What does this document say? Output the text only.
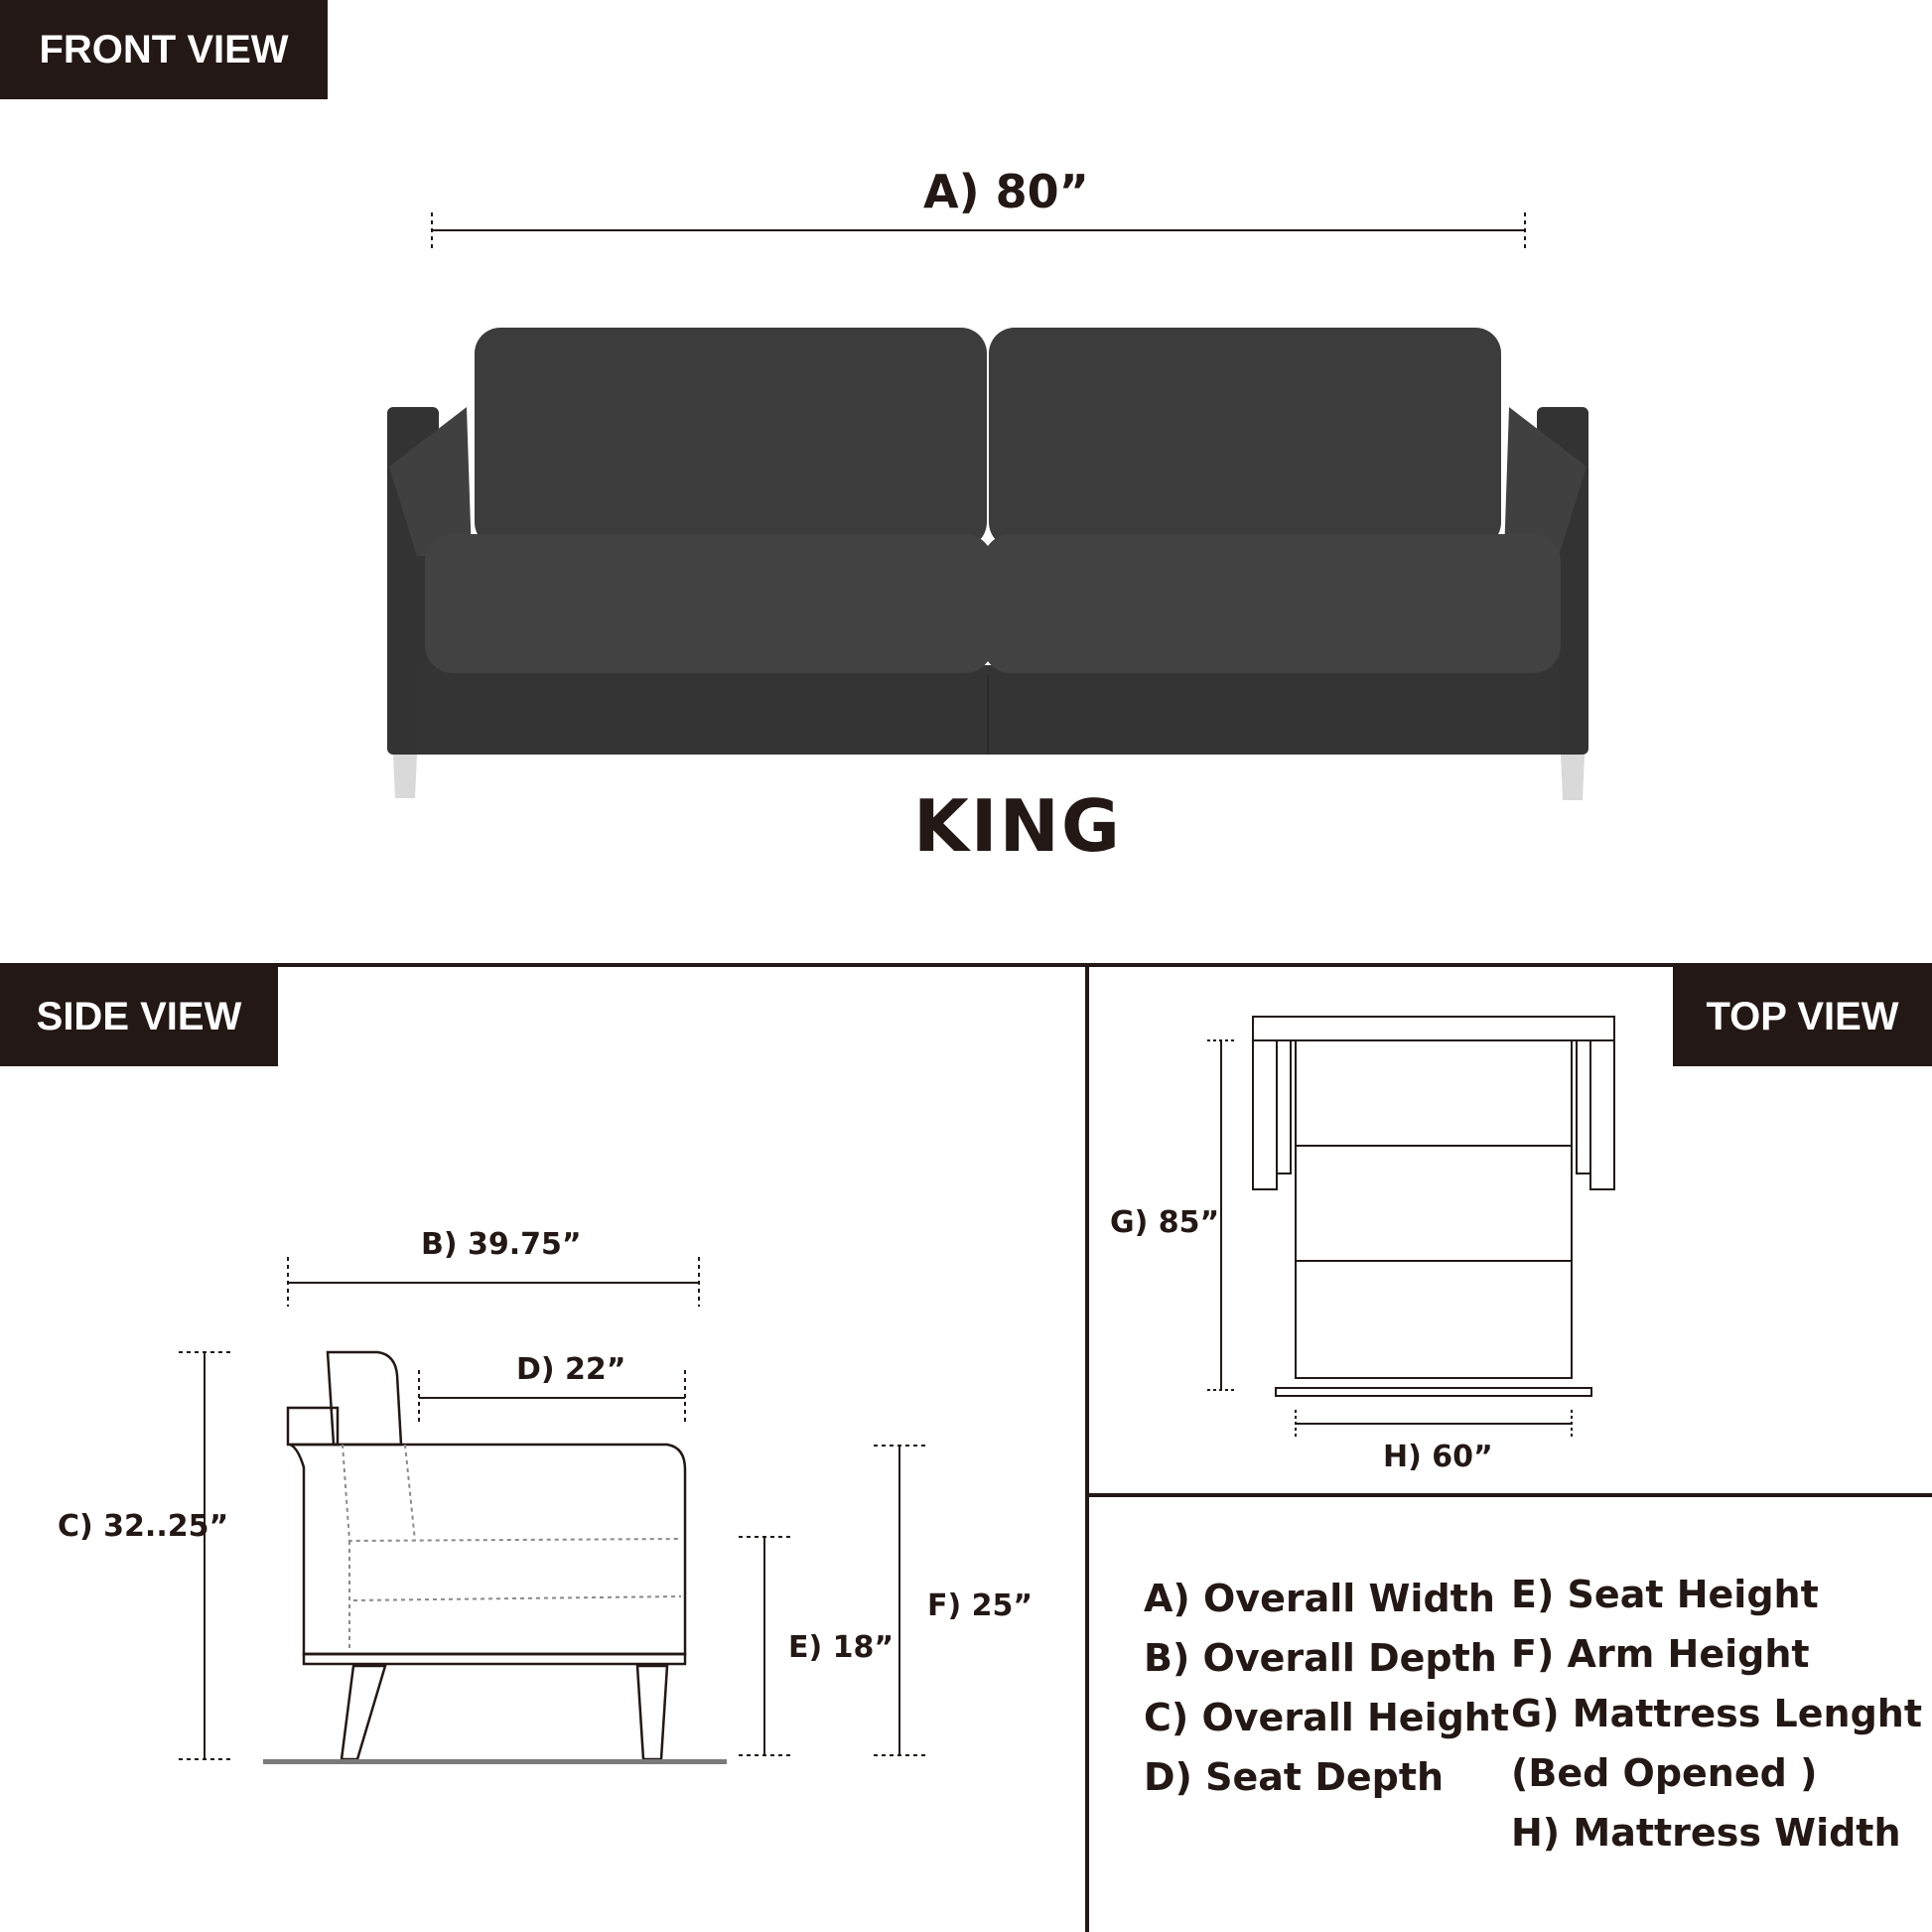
FRONT VIEW
SIDE VIEW	TOP VIEW
A) 80”
KING
B) 39.75”
D) 22”
C) 32..25”
E) 18”
F) 25”
G) 85”
H) 60”
A) Overall Width
B) Overall Depth
C) Overall Height
D) Seat Depth
E) Seat Height
F) Arm Height
G) Mattress Lenght
(Bed Opened )
H) Mattress Width
